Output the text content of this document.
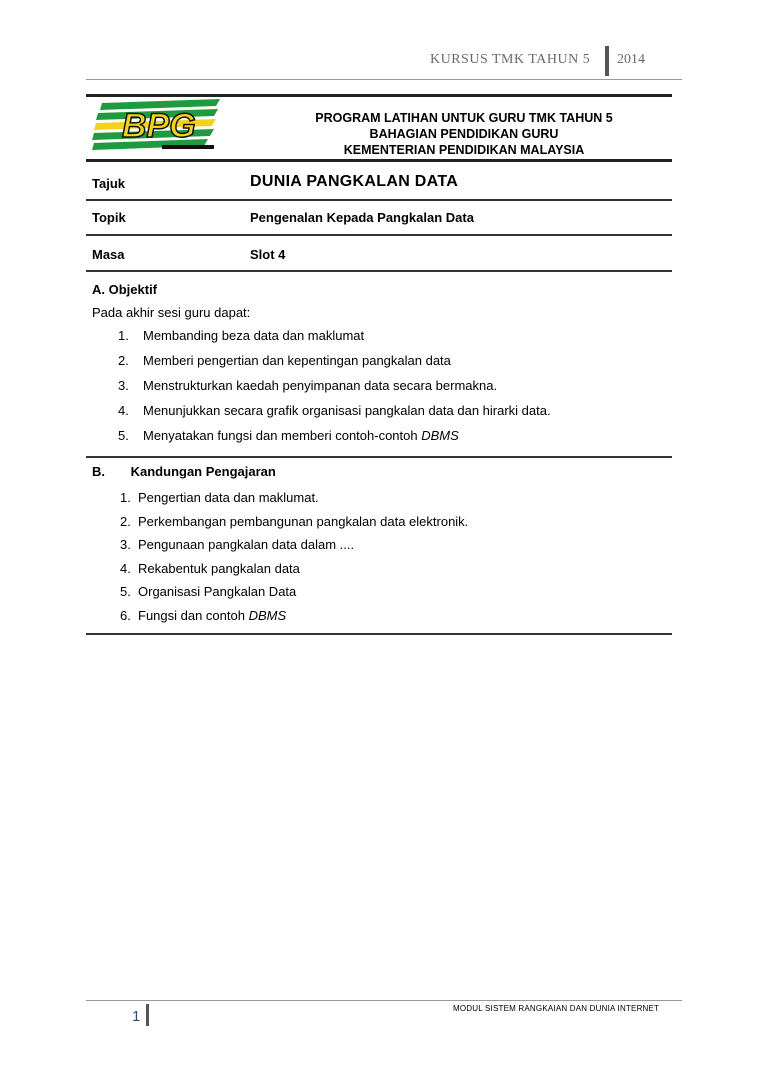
KURSUS TMK TAHUN 5 2014
BPG	PROGRAM LATIHAN UNTUK GURU TMK TAHUN 5
BAHAGIAN PENDIDIKAN GURU
KEMENTERIAN PENDIDIKAN MALAYSIA
Tajuk	DUNIA PANGKALAN DATA
Topik	Pengenalan Kepada Pangkalan Data
Masa	Slot 4
A. Objektif
Pada akhir sesi guru dapat:
1.	Membanding beza data dan maklumat
2.	Memberi pengertian dan kepentingan pangkalan data
3.	Menstrukturkan kaedah penyimpanan data secara bermakna.
4.	Menunjukkan secara grafik organisasi pangkalan data dan hirarki data.
5.	Menyatakan fungsi dan memberi contoh-contoh DBMS
B. Kandungan Pengajaran
1. Pengertian data dan maklumat.
2. Perkembangan pembangunan pangkalan data elektronik.
3. Pengunaan pangkalan data dalam ....
4. Rekabentuk pangkalan data
5. Organisasi Pangkalan Data
6. Fungsi dan contoh DBMS
1	MODUL SISTEM RANGKAIAN DAN DUNIA INTERNET
